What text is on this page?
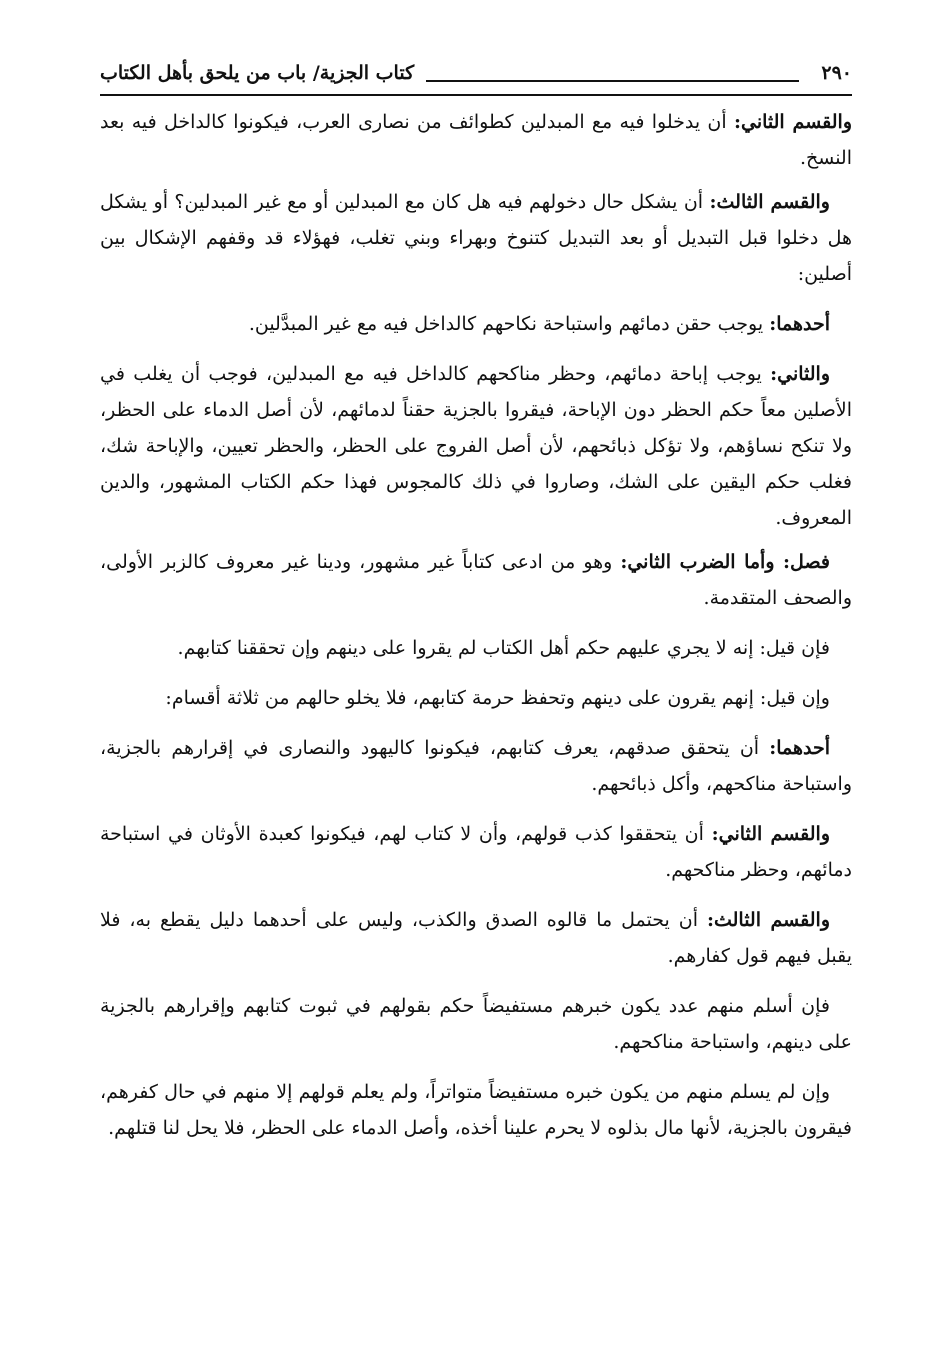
٢٩٠
كتاب الجزية/ باب من يلحق بأهل الكتاب

والقسم الثاني: أن يدخلوا فيه مع المبدلين كطوائف من نصارى العرب، فيكونوا كالداخل فيه بعد النسخ.

والقسم الثالث: أن يشكل حال دخولهم فيه هل كان مع المبدلين أو مع غير المبدلين؟ أو يشكل هل دخلوا قبل التبديل أو بعد التبديل كتنوخ وبهراء وبني تغلب، فهؤلاء قد وقفهم الإشكال بين أصلين:

أحدهما: يوجب حقن دمائهم واستباحة نكاحهم كالداخل فيه مع غير المبدَّلين.

والثاني: يوجب إباحة دمائهم، وحظر مناكحهم كالداخل فيه مع المبدلين، فوجب أن يغلب في الأصلين معاً حكم الحظر دون الإباحة، فيقروا بالجزية حقناً لدمائهم، لأن أصل الدماء على الحظر، ولا تنكح نساؤهم، ولا تؤكل ذبائحهم، لأن أصل الفروج على الحظر، والحظر تعيين، والإباحة شك، فغلب حكم اليقين على الشك، وصاروا في ذلك كالمجوس فهذا حكم الكتاب المشهور، والدين المعروف.

فصل: وأما الضرب الثاني: وهو من ادعى كتاباً غير مشهور، ودينا غير معروف كالزبر الأولى، والصحف المتقدمة.

فإن قيل: إنه لا يجري عليهم حكم أهل الكتاب لم يقروا على دينهم وإن تحققنا كتابهم.

وإن قيل: إنهم يقرون على دينهم وتحفظ حرمة كتابهم، فلا يخلو حالهم من ثلاثة أقسام:

أحدهما: أن يتحقق صدقهم، يعرف كتابهم، فيكونوا كاليهود والنصارى في إقرارهم بالجزية، واستباحة مناكحهم، وأكل ذبائحهم.

والقسم الثاني: أن يتحققوا كذب قولهم، وأن لا كتاب لهم، فيكونوا كعبدة الأوثان في استباحة دمائهم، وحظر مناكحهم.

والقسم الثالث: أن يحتمل ما قالوه الصدق والكذب، وليس على أحدهما دليل يقطع به، فلا يقبل فيهم قول كفارهم.

فإن أسلم منهم عدد يكون خبرهم مستفيضاً حكم بقولهم في ثبوت كتابهم وإقرارهم بالجزية على دينهم، واستباحة مناكحهم.

وإن لم يسلم منهم من يكون خبره مستفيضاً متواتراً، ولم يعلم قولهم إلا منهم في حال كفرهم، فيقرون بالجزية، لأنها مال بذلوه لا يحرم علينا أخذه، وأصل الدماء على الحظر، فلا يحل لنا قتلهم.
